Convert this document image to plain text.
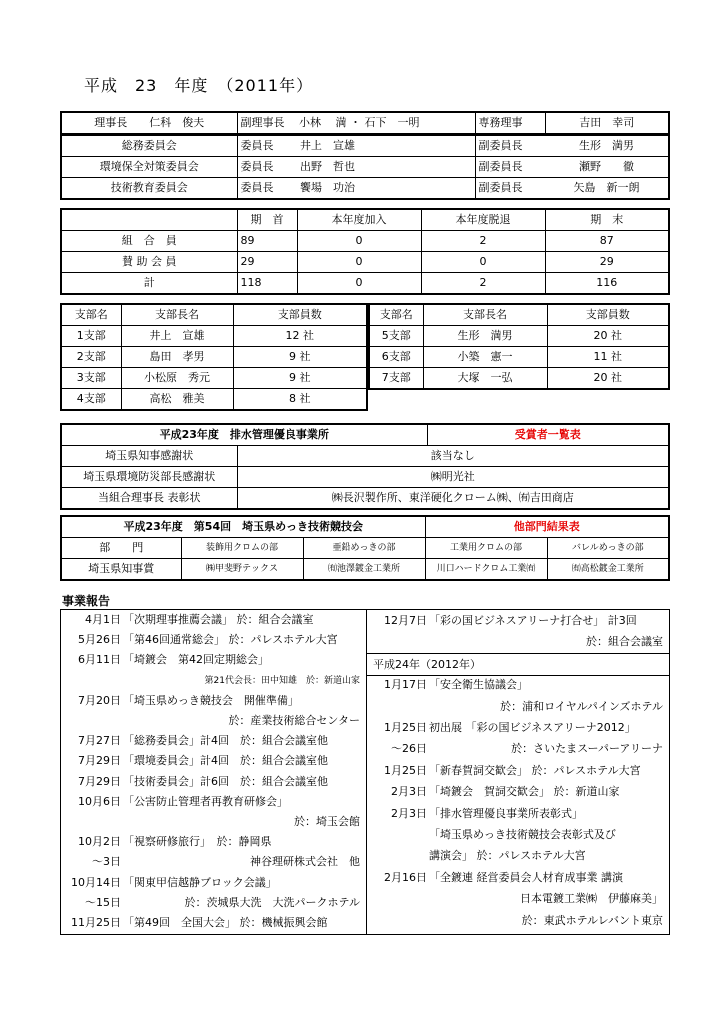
平成　23　年度　（2011年）
理事長　　仁科　俊夫	副理事長　 小林　 満 ・ 石下　一明	専務理事	吉田　幸司
総務委員会	委員長	井上　宣雄	副委員長	生形　満男
環境保全対策委員会	委員長	出野　哲也	副委員長	瀬野　　徹
技術教育委員会	委員長	饗場　功治	副委員長	矢島　新一朗
	期　首	本年度加入	本年度脱退	期　末
組　合　員	89	0	2	87
賛 助 会 員	29	0	0	29
計	118	0	2	116
支部名	支部長名	支部員数
1支部	井上　宣雄	12 社
2支部	島田　孝男	9 社
3支部	小松原　秀元	9 社
4支部	高松　雅美	8 社
支部名	支部長名	支部員数
5支部	生形　満男	20 社
6支部	小築　憲一	11 社
7支部	大塚　一弘	20 社
平成23年度　排水管理優良事業所		受賞者一覧表
埼玉県知事感謝状	該当なし	
埼玉県環境防災部長感謝状	㈱明光社	
当組合理事長 表彰状	㈱長沢製作所、東洋硬化クローム㈱、㈲吉田商店	
平成23年度　第54回　埼玉県めっき技術競技会			他部門結果表	
部　　門	装飾用クロムの部	亜鉛めっきの部	工業用クロムの部	バレルめっきの部
埼玉県知事賞	㈱甲斐野テックス	㈲池澤鍍金工業所	川口ハードクロム工業㈲	㈲高松鍍金工業所
事業報告
4月1日 「次期理事推薦会議」 於：組合会議室
5月26日 「第46回通常総会」 於：パレスホテル大宮
6月11日 「埼鍍会　第42回定期総会」
第21代会長：田中知雄　於：新道山家
7月20日 「埼玉県めっき競技会　開催準備」
於：産業技術総合センター
7月27日 「総務委員会」計4回　於：組合会議室他
7月29日 「環境委員会」計4回　於：組合会議室他
7月29日 「技術委員会」計6回　於：組合会議室他
10月6日 「公害防止管理者再教育研修会」
於：埼玉会館
10月2日 「視察研修旅行」　於：静岡県
～3日	神谷理研株式会社　他
10月14日 「関東甲信越静ブロック会議」
～15日	於：茨城県大洗　大洗パークホテル
11月25日 「第49回　全国大会」 於：機械振興会館
12月7日 「彩の国ビジネスアリーナ打合せ」 計3回
於：組合会議室
平成24年（2012年）
1月17日 「安全衛生協議会」
於：浦和ロイヤルパインズホテル
1月25日 初出展 「彩の国ビジネスアリーナ2012」
～26日	於：さいたまスーパーアリーナ
1月25日 「新春賀詞交歓会」 於：パレスホテル大宮
2月3日 「埼鍍会　賀詞交歓会」 於：新道山家
2月3日 「排水管理優良事業所表彰式」
「埼玉県めっき技術競技会表彰式及び
講演会」 於：パレスホテル大宮
2月16日 「全鍍連 経営委員会人材育成事業 講演
日本電鍍工業㈱　伊藤麻美」
於：東武ホテルレバント東京
